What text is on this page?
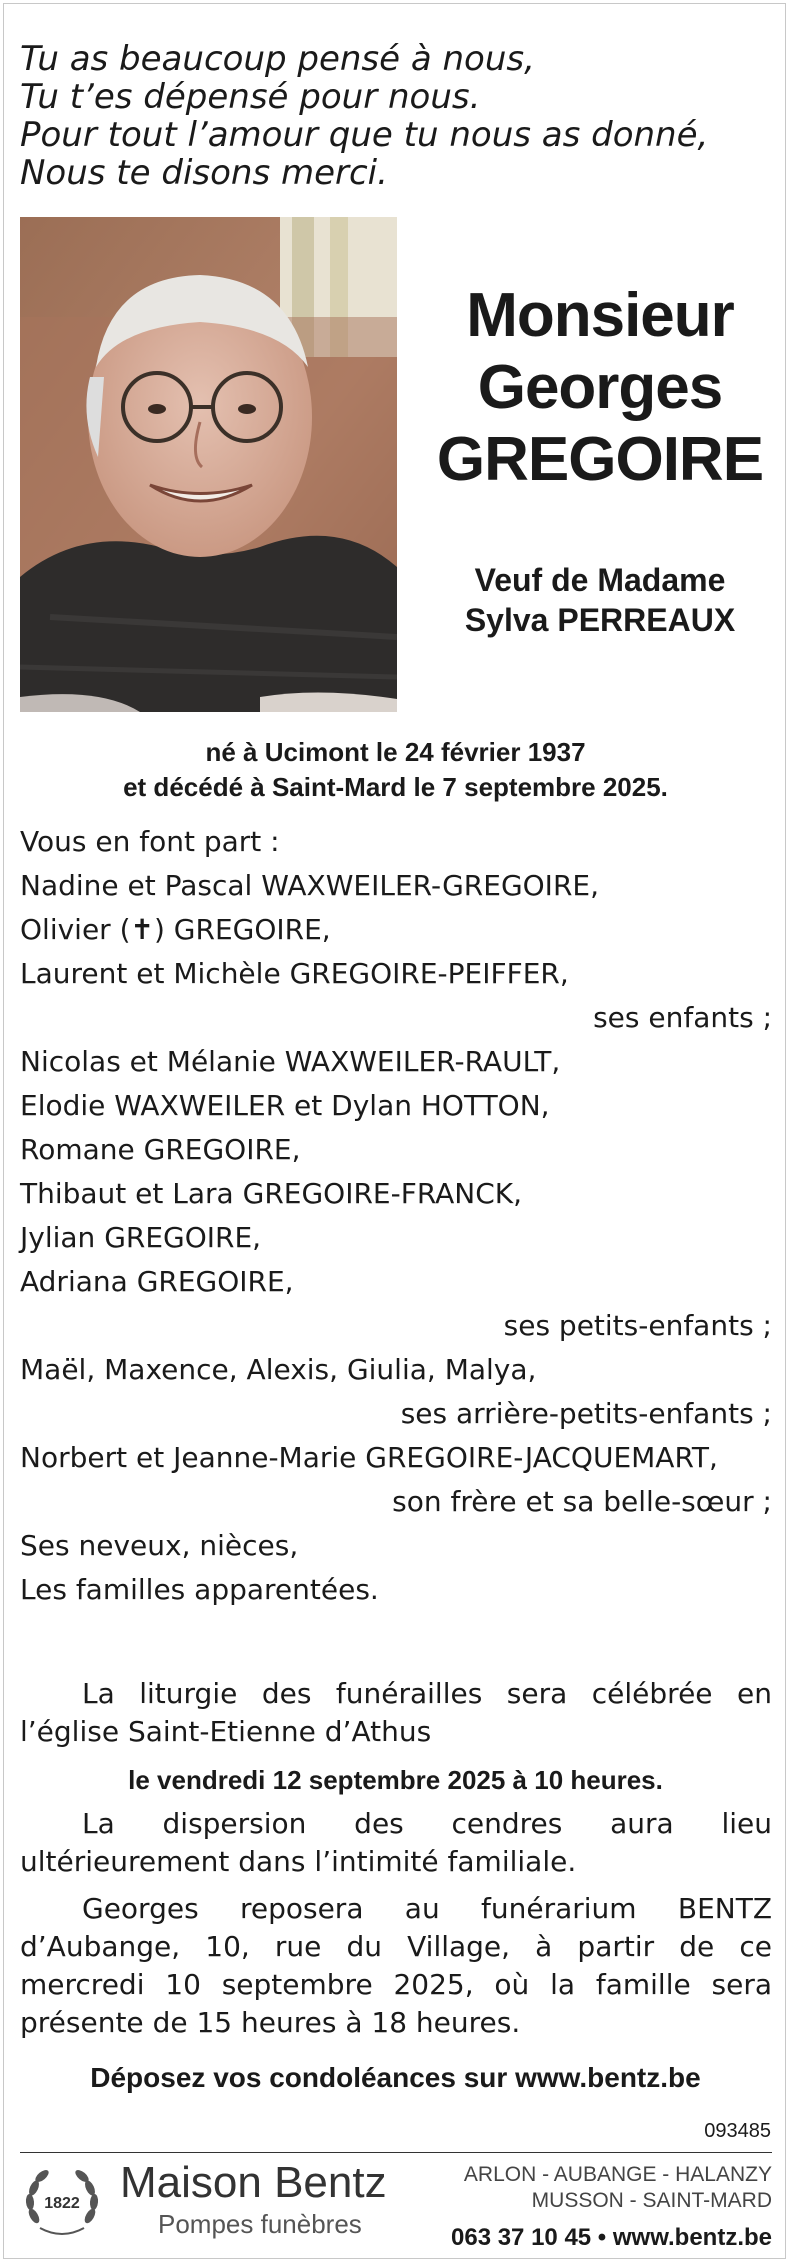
Tu as beaucoup pensé à nous,
Tu t’es dépensé pour nous.
Pour tout l’amour que tu nous as donné,
Nous te disons merci.
Monsieur
Georges
GREGOIRE
Veuf de Madame
Sylva PERREAUX
né à Ucimont le 24 février 1937
et décédé à Saint-Mard le 7 septembre 2025.
Vous en font part :
Nadine et Pascal WAXWEILER-GREGOIRE,
Olivier (✝) GREGOIRE,
Laurent et Michèle GREGOIRE-PEIFFER,
ses enfants ;
Nicolas et Mélanie WAXWEILER-RAULT,
Elodie WAXWEILER et Dylan HOTTON,
Romane GREGOIRE,
Thibaut et Lara GREGOIRE-FRANCK,
Jylian GREGOIRE,
Adriana GREGOIRE,
ses petits-enfants ;
Maël, Maxence, Alexis, Giulia, Malya,
ses arrière-petits-enfants ;
Norbert et Jeanne-Marie GREGOIRE-JACQUEMART,
son frère et sa belle-sœur ;
Ses neveux, nièces,
Les familles apparentées.
La liturgie des funérailles sera célébrée en l’église Saint-Etienne d’Athus
le vendredi 12 septembre 2025 à 10 heures.
La dispersion des cendres aura lieu ultérieurement dans l’intimité familiale.
Georges reposera au funérarium BENTZ d’Aubange, 10, rue du Village, à partir de ce mercredi 10 septembre 2025, où la famille sera présente de 15 heures à 18 heures.
Déposez vos condoléances sur www.bentz.be
093485
1822 Maison Bentz
Pompes funèbres
ARLON - AUBANGE - HALANZY
MUSSON - SAINT-MARD
063 37 10 45 • www.bentz.be
